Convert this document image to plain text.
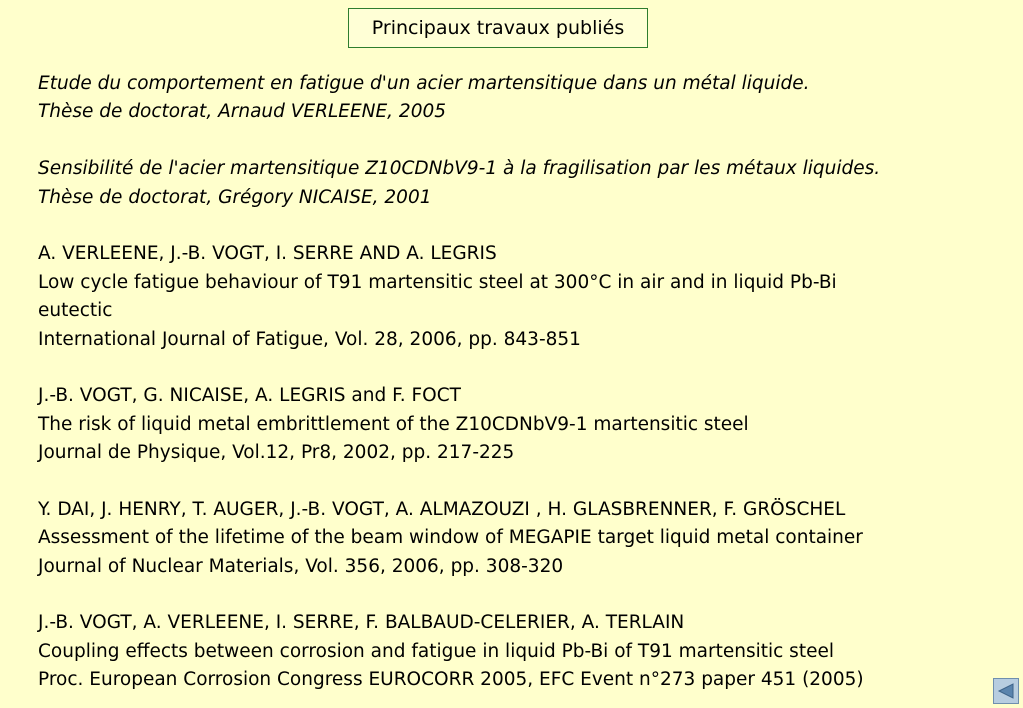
Principaux travaux publiés
Etude du comportement en fatigue d'un acier martensitique dans un métal liquide.
Thèse de doctorat, Arnaud VERLEENE, 2005
Sensibilité de l'acier martensitique Z10CDNbV9-1 à la fragilisation par les métaux liquides.
Thèse de doctorat, Grégory NICAISE, 2001
A. VERLEENE, J.-B. VOGT, I. SERRE AND A. LEGRIS
Low cycle fatigue behaviour of T91 martensitic steel at 300°C in air and in liquid Pb-Bi
eutectic
International Journal of Fatigue, Vol. 28, 2006, pp. 843-851
J.-B. VOGT, G. NICAISE, A. LEGRIS and F. FOCT
The risk of liquid metal embrittlement of the Z10CDNbV9-1 martensitic steel
Journal de Physique, Vol.12, Pr8, 2002, pp. 217-225
Y. DAI, J. HENRY, T. AUGER, J.-B. VOGT, A. ALMAZOUZI , H. GLASBRENNER, F. GRÖSCHEL
Assessment of the lifetime of the beam window of MEGAPIE target liquid metal container
Journal of Nuclear Materials, Vol. 356, 2006, pp. 308-320
J.-B. VOGT, A. VERLEENE, I. SERRE, F. BALBAUD-CELERIER, A. TERLAIN
Coupling effects between corrosion and fatigue in liquid Pb-Bi of T91 martensitic steel
Proc. European Corrosion Congress EUROCORR 2005, EFC Event n°273 paper 451 (2005)
